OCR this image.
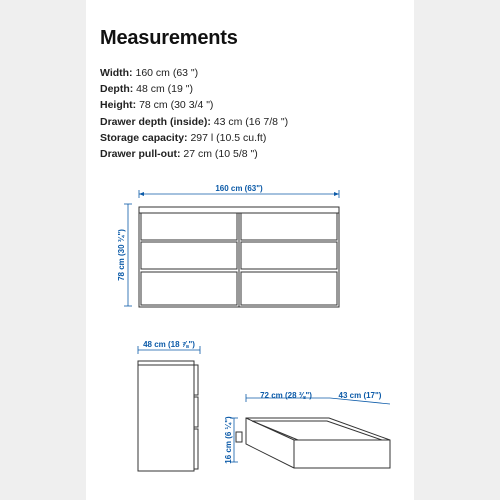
Measurements
Width: 160 cm (63 ")
Depth: 48 cm (19 ")
Height: 78 cm (30 3/4 ")
Drawer depth (inside): 43 cm (16 7/8 ")
Storage capacity: 297 l (10.5 cu.ft)
Drawer pull-out: 27 cm (10 5/8 ")
160 cm (63")
78 cm (30 ¾")
48 cm (18 ⅞")
72 cm (28 ⅜")	43 cm (17")
16 cm (6 ¼")
